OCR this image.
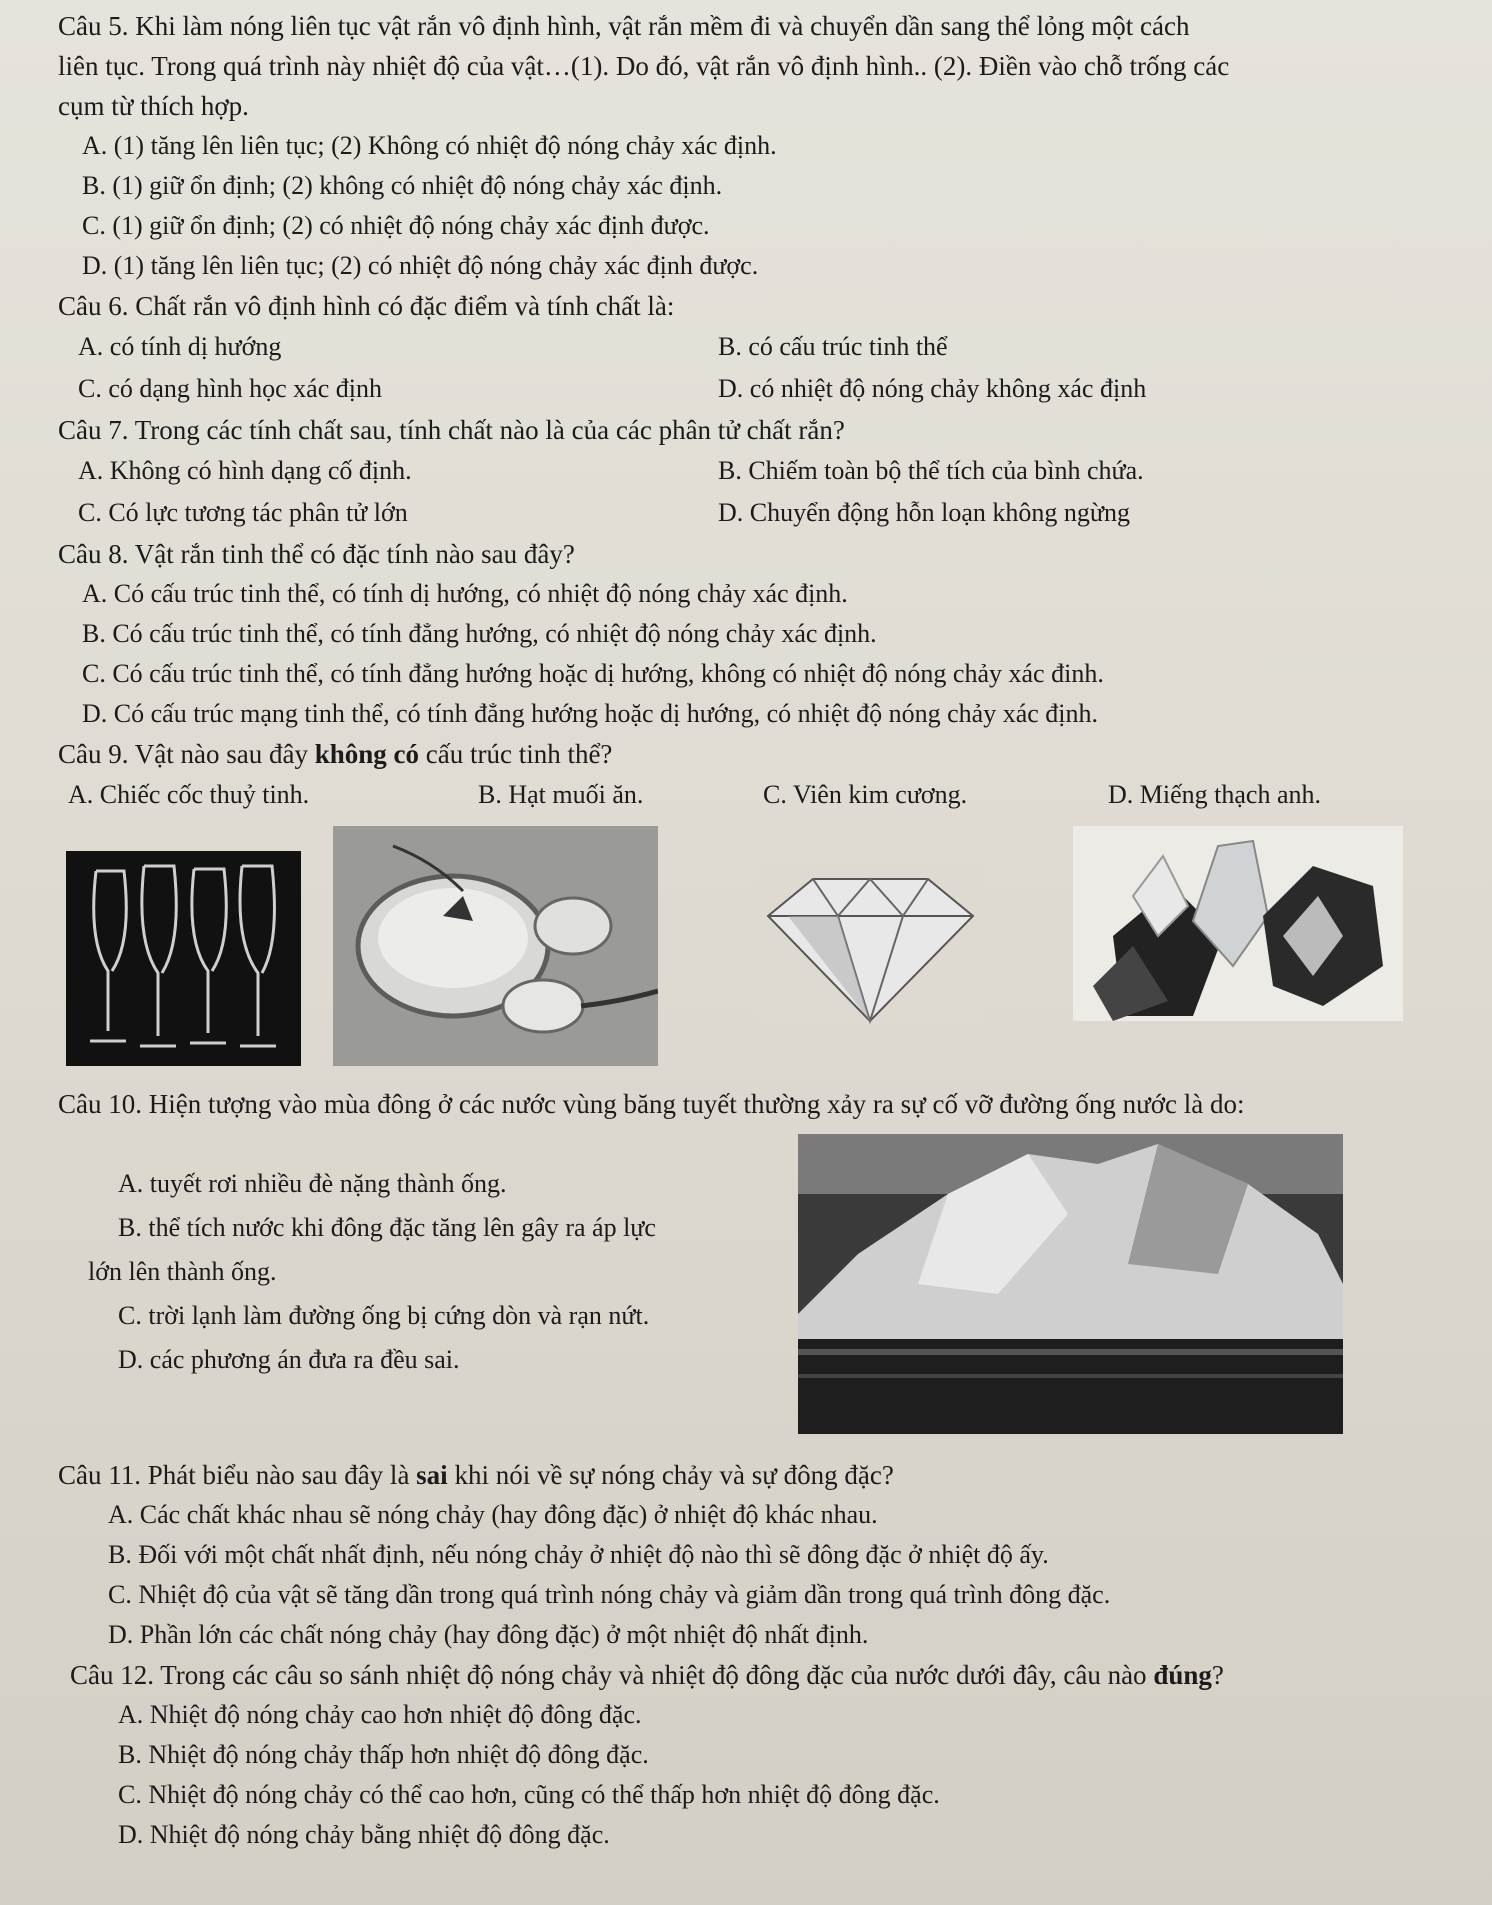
Câu 5. Khi làm nóng liên tục vật rắn vô định hình, vật rắn mềm đi và chuyển dần sang thể lỏng một cách
liên tục. Trong quá trình này nhiệt độ của vật…(1). Do đó, vật rắn vô định hình.. (2). Điền vào chỗ trống các
cụm từ thích hợp.
A. (1) tăng lên liên tục; (2) Không có nhiệt độ nóng chảy xác định.
B. (1) giữ ổn định; (2) không có nhiệt độ nóng chảy xác định.
C. (1) giữ ổn định; (2) có nhiệt độ nóng chảy xác định được.
D. (1) tăng lên liên tục; (2) có nhiệt độ nóng chảy xác định được.
Câu 6. Chất rắn vô định hình có đặc điểm và tính chất là:
A. có tính dị hướng	B. có cấu trúc tinh thể
C. có dạng hình học xác định	D. có nhiệt độ nóng chảy không xác định
Câu 7. Trong các tính chất sau, tính chất nào là của các phân tử chất rắn?
A. Không có hình dạng cố định.	B. Chiếm toàn bộ thể tích của bình chứa.
C. Có lực tương tác phân tử lớn	D. Chuyển động hỗn loạn không ngừng
Câu 8. Vật rắn tinh thể có đặc tính nào sau đây?
A. Có cấu trúc tinh thể, có tính dị hướng, có nhiệt độ nóng chảy xác định.
B. Có cấu trúc tinh thể, có tính đẳng hướng, có nhiệt độ nóng chảy xác định.
C. Có cấu trúc tinh thể, có tính đẳng hướng hoặc dị hướng, không có nhiệt độ nóng chảy xác đinh.
D. Có cấu trúc mạng tinh thể, có tính đẳng hướng hoặc dị hướng, có nhiệt độ nóng chảy xác định.
Câu 9. Vật nào sau đây không có cấu trúc tinh thể?
A. Chiếc cốc thuỷ tinh.	B. Hạt muối ăn.	C. Viên kim cương.	D. Miếng thạch anh.
Câu 10. Hiện tượng vào mùa đông ở các nước vùng băng tuyết thường xảy ra sự cố vỡ đường ống nước là do:
A. tuyết rơi nhiều đè nặng thành ống.
B. thể tích nước khi đông đặc tăng lên gây ra áp lực
lớn lên thành ống.
C. trời lạnh làm đường ống bị cứng dòn và rạn nứt.
D. các phương án đưa ra đều sai.
Câu 11. Phát biểu nào sau đây là sai khi nói về sự nóng chảy và sự đông đặc?
A. Các chất khác nhau sẽ nóng chảy (hay đông đặc) ở nhiệt độ khác nhau.
B. Đối với một chất nhất định, nếu nóng chảy ở nhiệt độ nào thì sẽ đông đặc ở nhiệt độ ấy.
C. Nhiệt độ của vật sẽ tăng dần trong quá trình nóng chảy và giảm dần trong quá trình đông đặc.
D. Phần lớn các chất nóng chảy (hay đông đặc) ở một nhiệt độ nhất định.
Câu 12. Trong các câu so sánh nhiệt độ nóng chảy và nhiệt độ đông đặc của nước dưới đây, câu nào đúng?
A. Nhiệt độ nóng chảy cao hơn nhiệt độ đông đặc.
B. Nhiệt độ nóng chảy thấp hơn nhiệt độ đông đặc.
C. Nhiệt độ nóng chảy có thể cao hơn, cũng có thể thấp hơn nhiệt độ đông đặc.
D. Nhiệt độ nóng chảy bằng nhiệt độ đông đặc.
